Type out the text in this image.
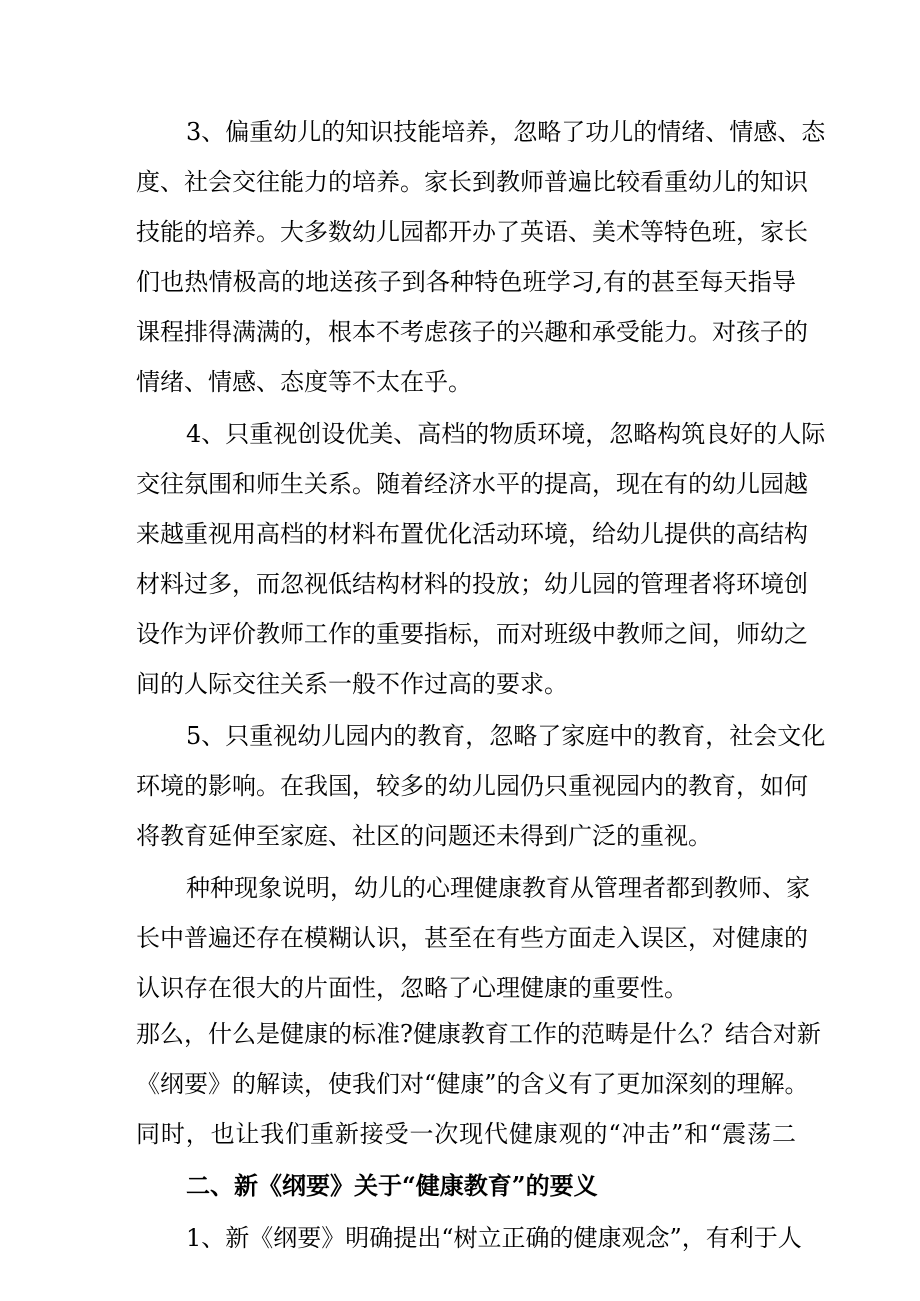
3、偏重幼儿的知识技能培养，忽略了功儿的情绪、情感、态
度、社会交往能力的培养。家长到教师普遍比较看重幼儿的知识
技能的培养。大多数幼儿园都开办了英语、美术等特色班，家长
们也热情极高的地送孩子到各种特色班学习,有的甚至每天指导
课程排得满满的，根本不考虑孩子的兴趣和承受能力。对孩子的
情绪、情感、态度等不太在乎。
4、只重视创设优美、高档的物质环境，忽略构筑良好的人际
交往氛围和师生关系。随着经济水平的提高，现在有的幼儿园越
来越重视用高档的材料布置优化活动环境，给幼儿提供的高结构
材料过多，而忽视低结构材料的投放；幼儿园的管理者将环境创
设作为评价教师工作的重要指标，而对班级中教师之间，师幼之
间的人际交往关系一般不作过高的要求。
5、只重视幼儿园内的教育，忽略了家庭中的教育，社会文化
环境的影响。在我国，较多的幼儿园仍只重视园内的教育，如何
将教育延伸至家庭、社区的问题还未得到广泛的重视。
种种现象说明，幼儿的心理健康教育从管理者都到教师、家
长中普遍还存在模糊认识，甚至在有些方面走入误区，对健康的
认识存在很大的片面性，忽略了心理健康的重要性。
那么，什么是健康的标准?健康教育工作的范畴是什么？结合对新
《纲要》的解读，使我们对“健康”的含义有了更加深刻的理解。
同时，也让我们重新接受一次现代健康观的“冲击”和“震荡二
二、新《纲要》关于“健康教育”的要义
1、新《纲要》明确提出“树立正确的健康观念”，有利于人
